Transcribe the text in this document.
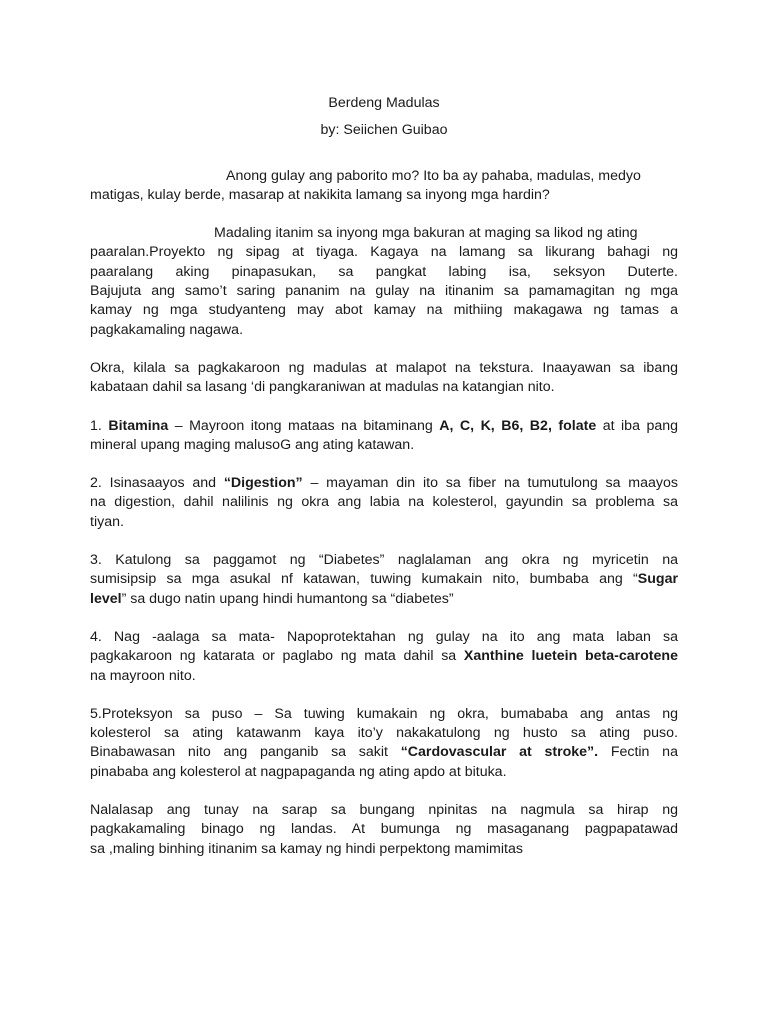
Berdeng Madulas

by: Seiichen Guibao

Anong gulay ang paborito mo? Ito ba ay pahaba, madulas, medyo
matigas, kulay berde, masarap at nakikita lamang sa inyong mga hardin?

Madaling itanim sa inyong mga bakuran at maging sa likod ng ating
paaralan.Proyekto ng sipag at tiyaga. Kagaya na lamang sa likurang bahagi ng
paaralang aking pinapasukan, sa pangkat labing isa, seksyon Duterte.
Bajujuta ang samo’t saring pananim na gulay na itinanim sa pamamagitan ng mga
kamay ng mga studyanteng may abot kamay na mithiing makagawa ng tamas a
pagkakamaling nagawa.

Okra, kilala sa pagkakaroon ng madulas at malapot na tekstura. Inaayawan sa ibang
kabataan dahil sa lasang ‘di pangkaraniwan at madulas na katangian nito.

1. Bitamina – Mayroon itong mataas na bitaminang A, C, K, B6, B2, folate at iba pang
mineral upang maging malusoG ang ating katawan.

2. Isinasaayos and “Digestion” – mayaman din ito sa fiber na tumutulong sa maayos
na digestion, dahil nalilinis ng okra ang labia na kolesterol, gayundin sa problema sa
tiyan.

3. Katulong sa paggamot ng “Diabetes” naglalaman ang okra ng myricetin na
sumisipsip sa mga asukal nf katawan, tuwing kumakain nito, bumbaba ang “Sugar
level” sa dugo natin upang hindi humantong sa “diabetes”

4. Nag -aalaga sa mata- Napoprotektahan ng gulay na ito ang mata laban sa
pagkakaroon ng katarata or paglabo ng mata dahil sa Xanthine luetein beta-carotene
na mayroon nito.

5.Proteksyon sa puso – Sa tuwing kumakain ng okra, bumababa ang antas ng
kolesterol sa ating katawanm kaya ito’y nakakatulong ng husto sa ating puso.
Binabawasan nito ang panganib sa sakit “Cardovascular at stroke”. Fectin na
pinababa ang kolesterol at nagpapaganda ng ating apdo at bituka.

Nalalasap ang tunay na sarap sa bungang npinitas na nagmula sa hirap ng
pagkakamaling binago ng landas. At bumunga ng masaganang pagpapatawad
sa ,maling binhing itinanim sa kamay ng hindi perpektong mamimitas
